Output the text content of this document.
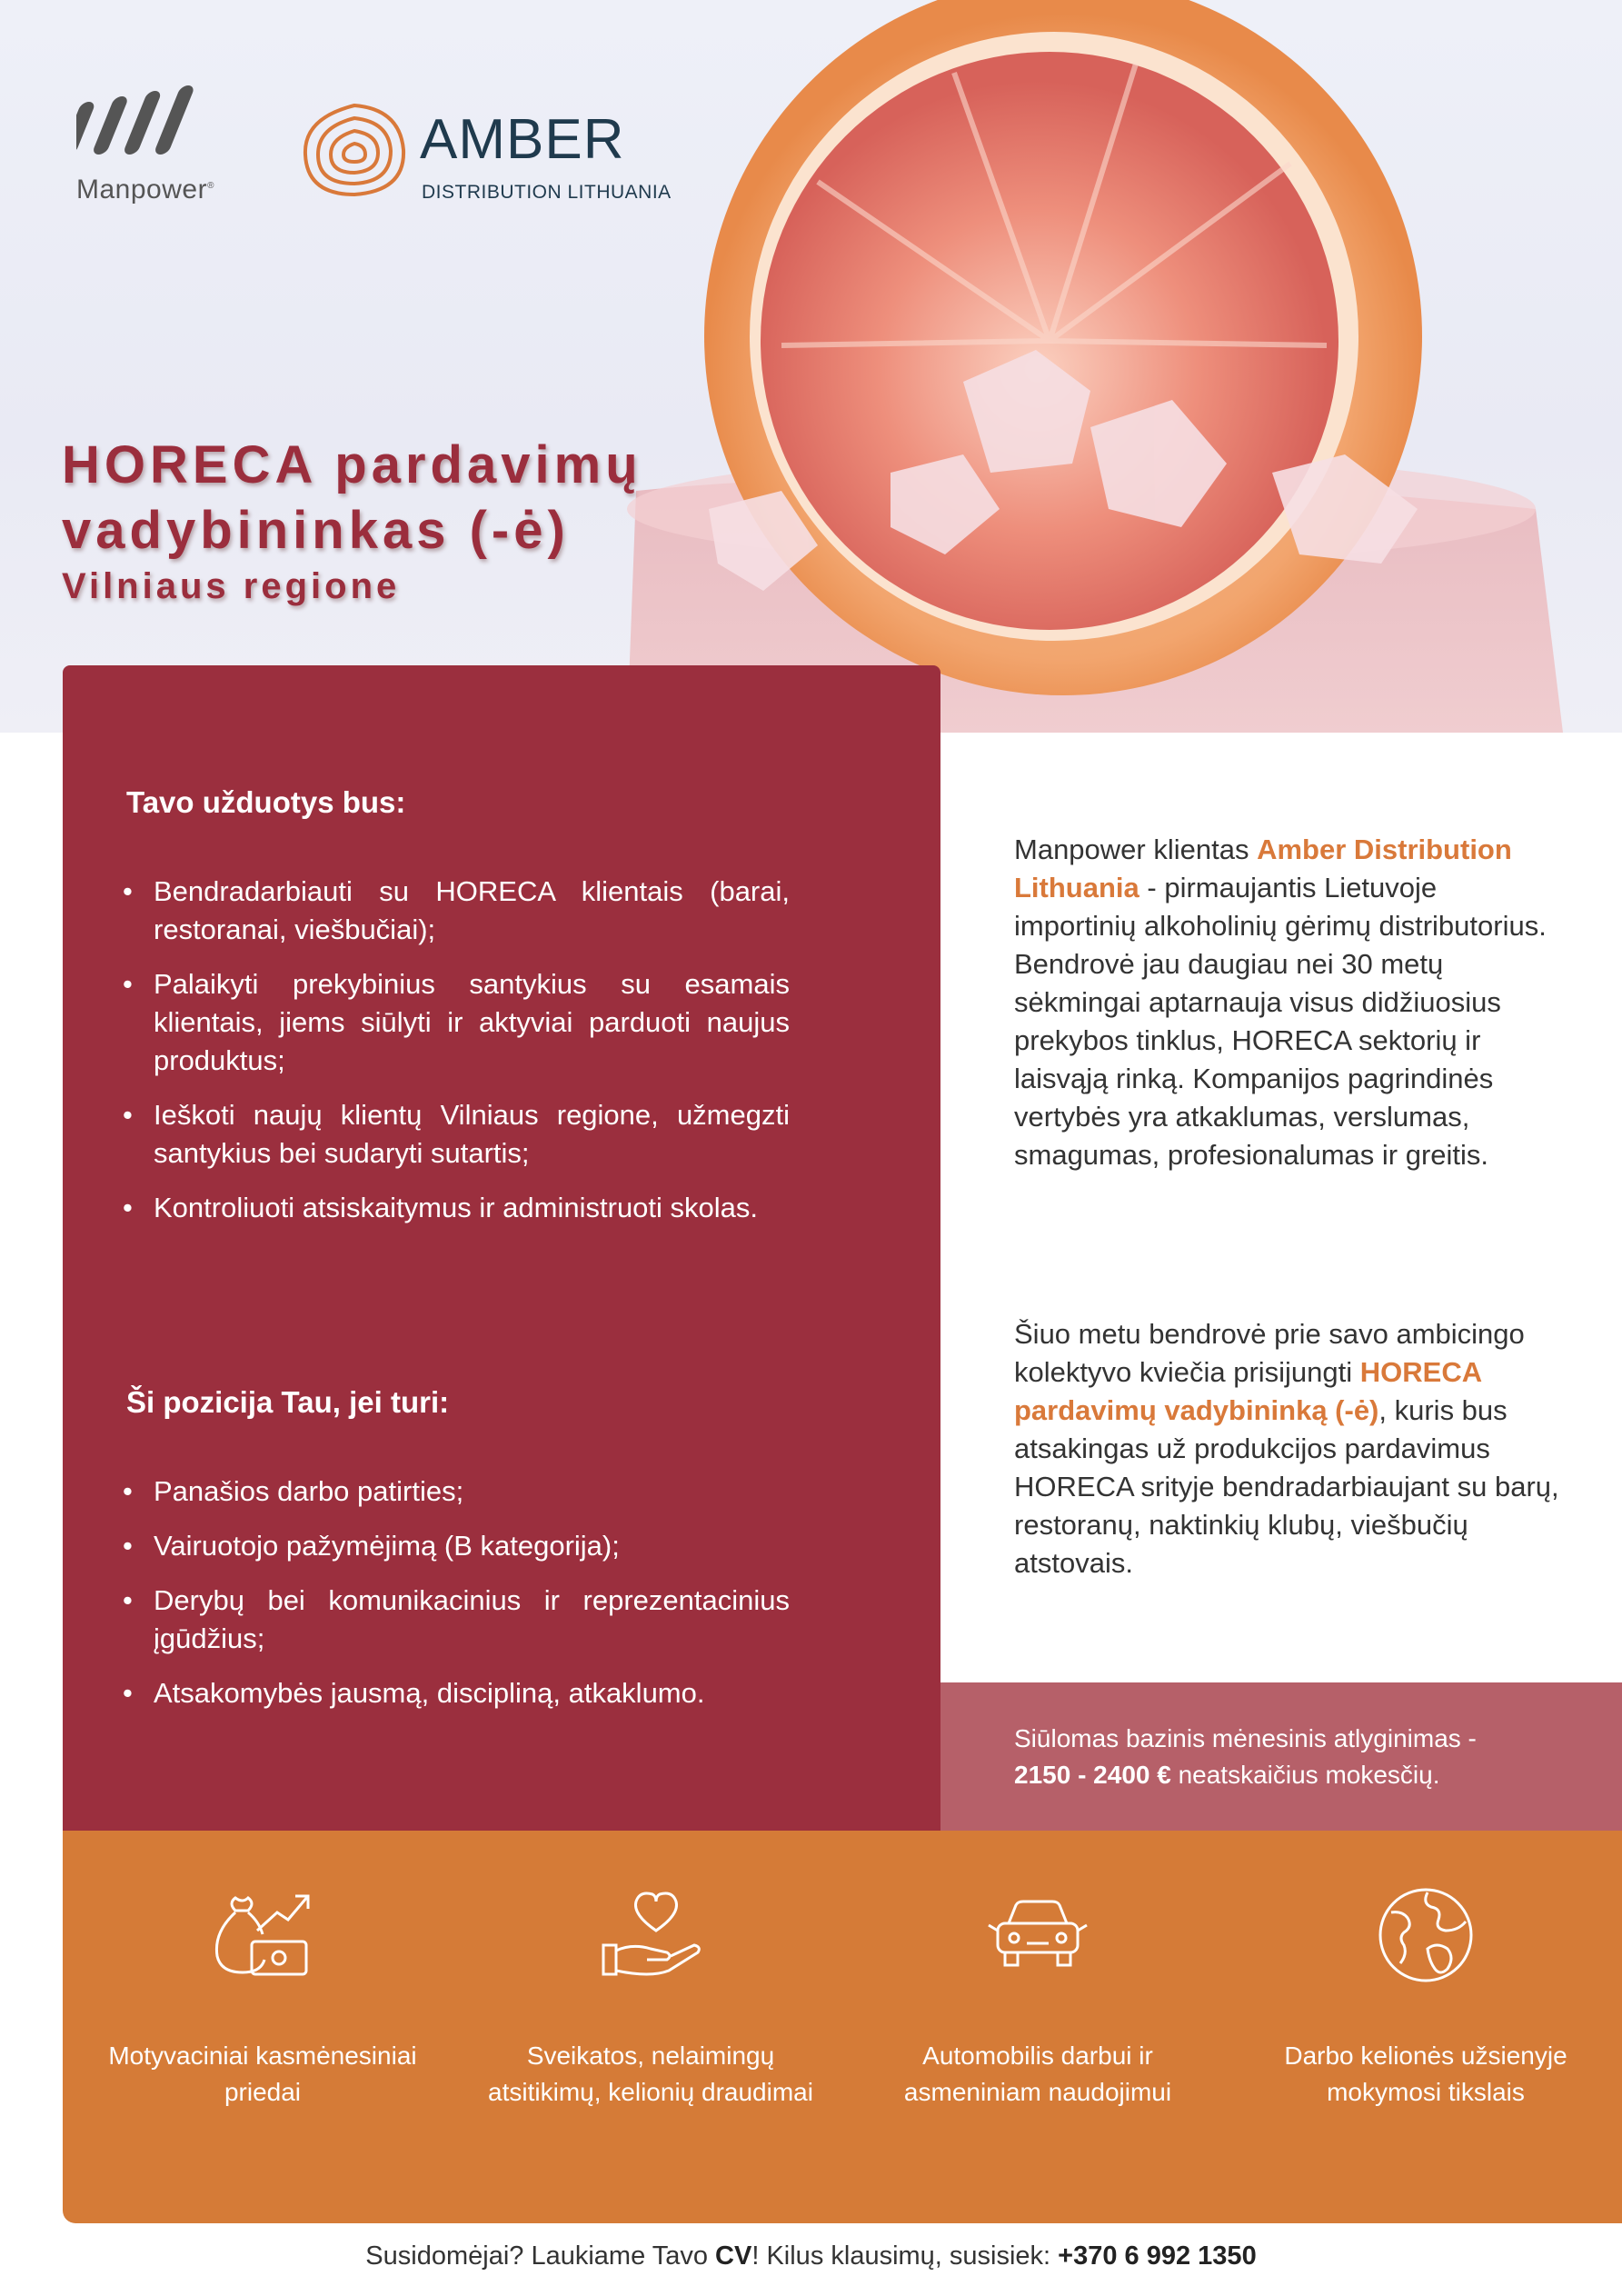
Manpower®
AMBER
DISTRIBUTION LITHUANIA
HORECA pardavimų
vadybininkas (-ė)
Vilniaus regione
Tavo užduotys bus:
• Bendradarbiauti su HORECA klientais (barai, restoranai, viešbučiai);
• Palaikyti prekybinius santykius su esamais klientais, jiems siūlyti ir aktyviai parduoti naujus produktus;
• Ieškoti naujų klientų Vilniaus regione, užmegzti santykius bei sudaryti sutartis;
• Kontroliuoti atsiskaitymus ir administruoti skolas.
Ši pozicija Tau, jei turi:
• Panašios darbo patirties;
• Vairuotojo pažymėjimą (B kategorija);
• Derybų bei komunikacinius ir reprezentacinius įgūdžius;
• Atsakomybės jausmą, discipliną, atkaklumo.
Manpower klientas Amber Distribution Lithuania - pirmaujantis Lietuvoje importinių alkoholinių gėrimų distributorius. Bendrovė jau daugiau nei 30 metų sėkmingai aptarnauja visus didžiuosius prekybos tinklus, HORECA sektorių ir laisvąją rinką. Kompanijos pagrindinės vertybės yra atkaklumas, verslumas, smagumas, profesionalumas ir greitis.
Šiuo metu bendrovė prie savo ambicingo kolektyvo kviečia prisijungti HORECA pardavimų vadybininką (-ė), kuris bus atsakingas už produkcijos pardavimus HORECA srityje bendradarbiaujant su barų, restoranų, naktinkių klubų, viešbučių atstovais.
Siūlomas bazinis mėnesinis atlyginimas -
2150 - 2400 € neatskaičius mokesčių.
Motyvaciniai kasmėnesiniai priedai
Sveikatos, nelaimingų atsitikimų, kelionių draudimai
Automobilis darbui ir asmeniniam naudojimui
Darbo kelionės užsienyje mokymosi tikslais
Susidomėjai? Laukiame Tavo CV! Kilus klausimų, susisiek: +370 6 992 1350
